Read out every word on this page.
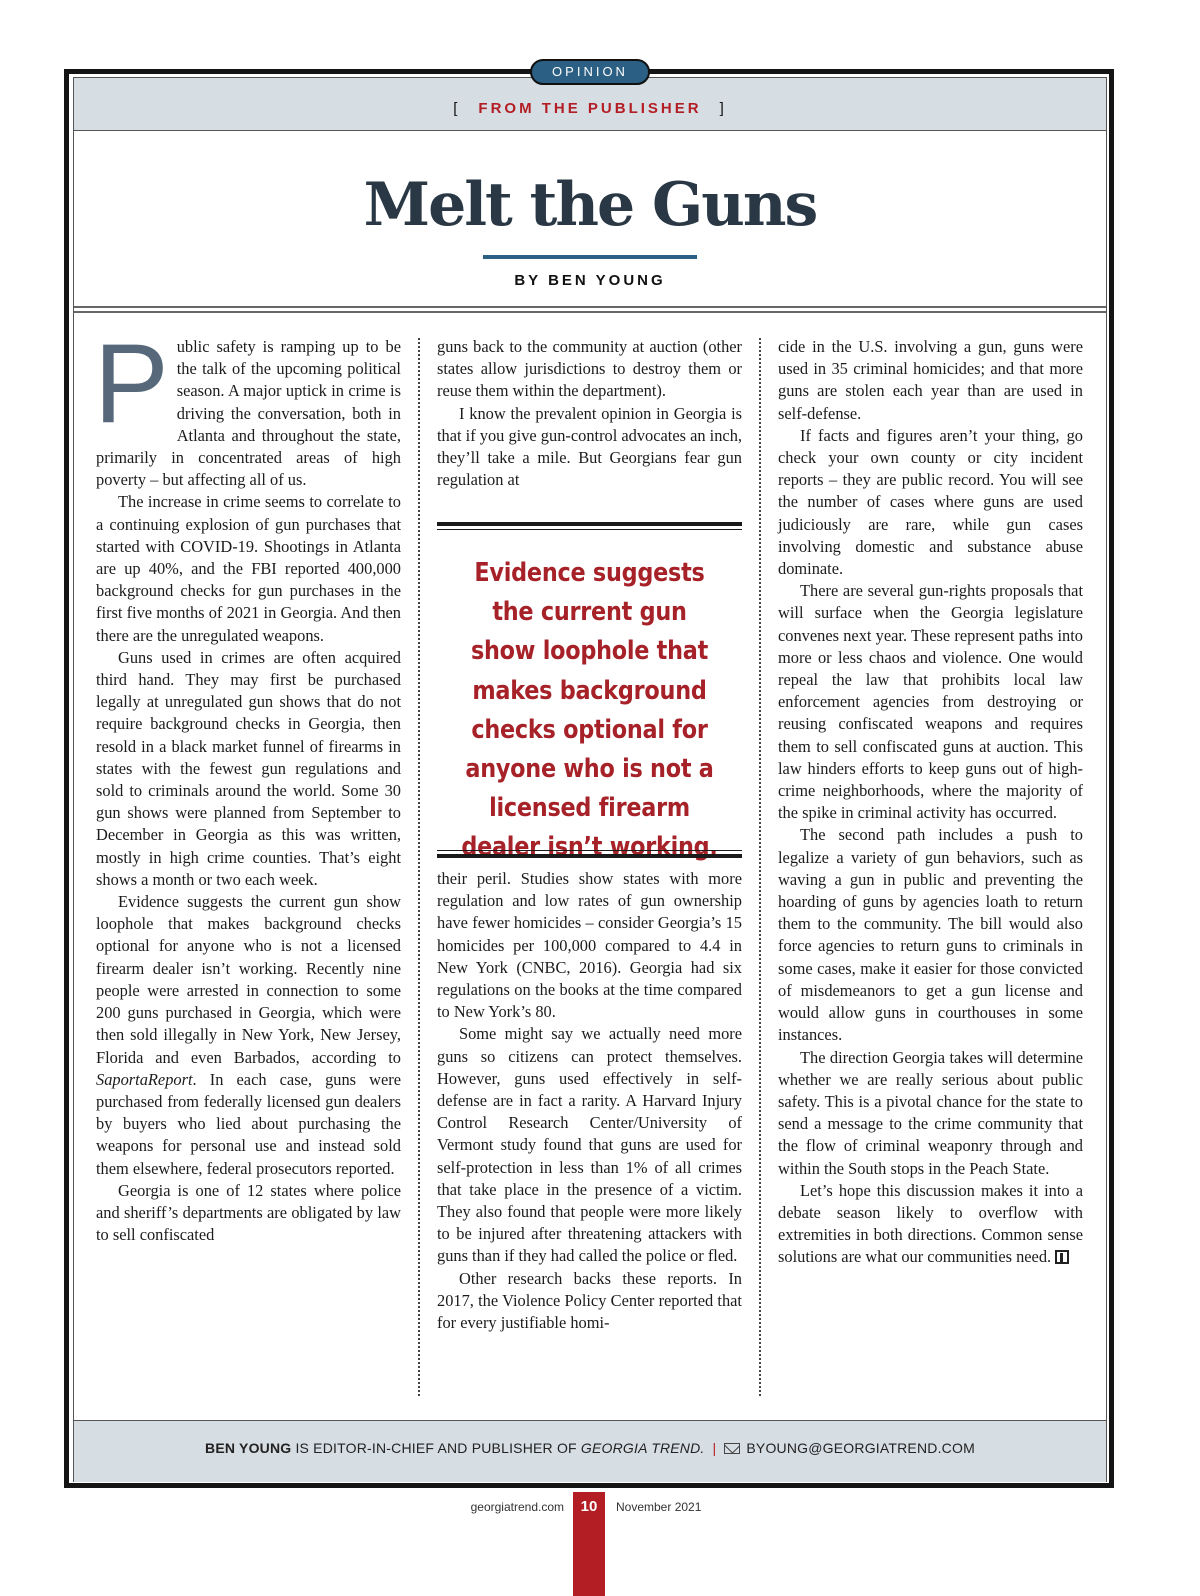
OPINION
[ FROM THE PUBLISHER ]
Melt the Guns
BY BEN YOUNG
P ublic safety is ramping up to be the talk of the upcoming political season. A major uptick in crime is driving the conversation, both in Atlanta and throughout the state, primarily in concentrated areas of high poverty – but affecting all of us.

The increase in crime seems to correlate to a continuing explosion of gun purchases that started with COVID-19. Shootings in Atlanta are up 40%, and the FBI reported 400,000 background checks for gun purchases in the first five months of 2021 in Georgia. And then there are the unregulated weapons.

Guns used in crimes are often acquired third hand. They may first be purchased legally at unregulated gun shows that do not require background checks in Georgia, then resold in a black market funnel of firearms in states with the fewest gun regulations and sold to criminals around the world. Some 30 gun shows were planned from September to December in Georgia as this was written, mostly in high crime counties. That’s eight shows a month or two each week.

Evidence suggests the current gun show loophole that makes background checks optional for anyone who is not a licensed firearm dealer isn’t working. Recently nine people were arrested in connection to some 200 guns purchased in Georgia, which were then sold illegally in New York, New Jersey, Florida and even Barbados, according to SaportaReport. In each case, guns were purchased from federally licensed gun dealers by buyers who lied about purchasing the weapons for personal use and instead sold them elsewhere, federal prosecutors reported.

Georgia is one of 12 states where police and sheriff’s departments are obligated by law to sell confiscated

guns back to the community at auction (other states allow jurisdictions to destroy them or reuse them within the department).

I know the prevalent opinion in Georgia is that if you give gun-control advocates an inch, they’ll take a mile. But Georgians fear gun regulation at

Evidence suggests the current gun show loophole that makes background checks optional for anyone who is not a licensed firearm dealer isn’t working.

their peril. Studies show states with more regulation and low rates of gun ownership have fewer homicides – consider Georgia’s 15 homicides per 100,000 compared to 4.4 in New York (CNBC, 2016). Georgia had six regulations on the books at the time compared to New York’s 80.

Some might say we actually need more guns so citizens can protect themselves. However, guns used effectively in self-defense are in fact a rarity. A Harvard Injury Control Research Center/University of Vermont study found that guns are used for self-protection in less than 1% of all crimes that take place in the presence of a victim. They also found that people were more likely to be injured after threatening attackers with guns than if they had called the police or fled.

Other research backs these reports. In 2017, the Violence Policy Center reported that for every justifiable homi-

cide in the U.S. involving a gun, guns were used in 35 criminal homicides; and that more guns are stolen each year than are used in self-defense.

If facts and figures aren’t your thing, go check your own county or city incident reports – they are public record. You will see the number of cases where guns are used judiciously are rare, while gun cases involving domestic and substance abuse dominate.

There are several gun-rights proposals that will surface when the Georgia legislature convenes next year. These represent paths into more or less chaos and violence. One would repeal the law that prohibits local law enforcement agencies from destroying or reusing confiscated weapons and requires them to sell confiscated guns at auction. This law hinders efforts to keep guns out of high-crime neighborhoods, where the majority of the spike in criminal activity has occurred.

The second path includes a push to legalize a variety of gun behaviors, such as waving a gun in public and preventing the hoarding of guns by agencies loath to return them to the community. The bill would also force agencies to return guns to criminals in some cases, make it easier for those convicted of misdemeanors to get a gun license and would allow guns in courthouses in some instances.

The direction Georgia takes will determine whether we are really serious about public safety. This is a pivotal chance for the state to send a message to the crime community that the flow of criminal weaponry through and within the South stops in the Peach State.

Let’s hope this discussion makes it into a debate season likely to overflow with extremities in both directions. Common sense solutions are what our communities need.

BEN YOUNG IS EDITOR-IN-CHIEF AND PUBLISHER OF GEORGIA TREND. | BYOUNG@GEORGIATREND.COM
georgiatrend.com	10	November 2021
